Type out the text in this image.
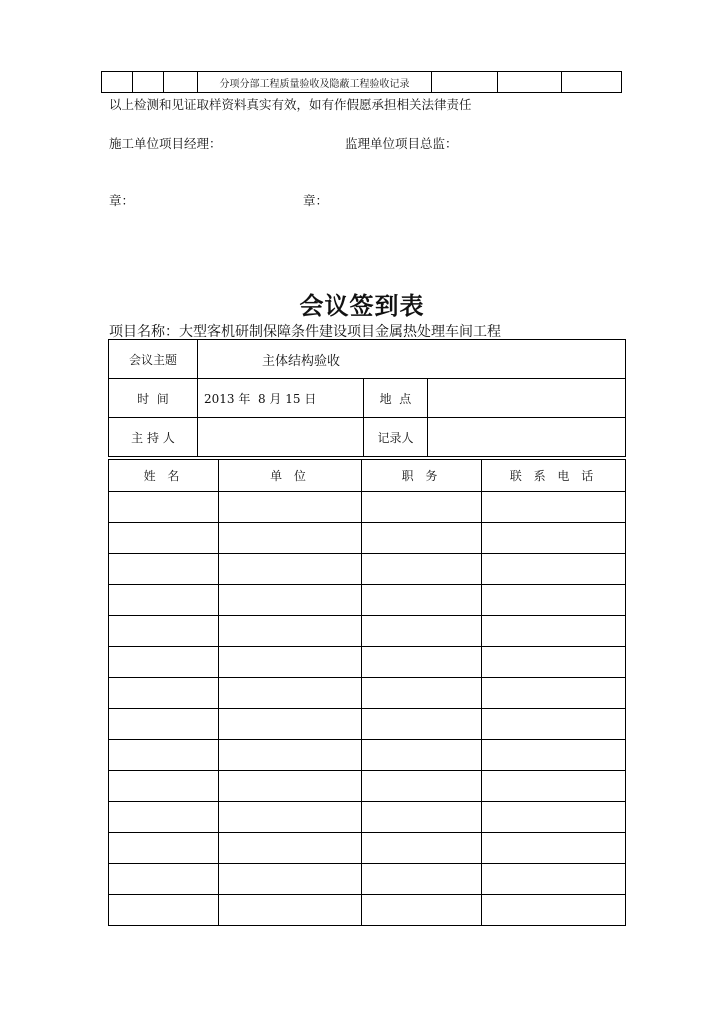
			分项分部工程质量验收及隐蔽工程验收记录			
以上检测和见证取样资料真实有效，如有作假愿承担相关法律责任
施工单位项目经理：	监理单位项目总监：
章：	章：
会议签到表
项目名称：大型客机研制保障条件建设项目金属热处理车间工程
会议主题	主体结构验收		
时  间	2013 年  8 月 15 日	地  点	
主 持 人		记录人	
姓 名	单 位	职 务	联 系 电 话
